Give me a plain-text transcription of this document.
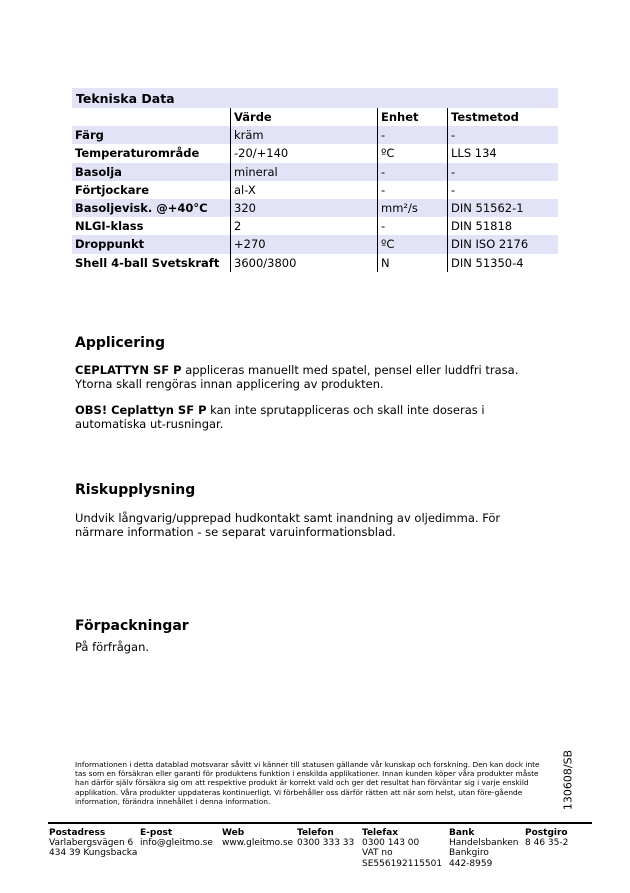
Tekniska Data
	Värde	Enhet	Testmetod
Färg	kräm	-	-
Temperaturområde	-20/+140	ºC	LLS 134
Basolja	mineral	-	-
Förtjockare	al-X	-	-
Basoljevisk. @+40°C	320	mm²/s	DIN 51562-1
NLGI-klass	2	-	DIN 51818
Droppunkt	+270	ºC	DIN ISO 2176
Shell 4-ball Svetskraft	3600/3800	N	DIN 51350-4
Applicering

CEPLATTYN SF P appliceras manuellt med spatel, pensel eller luddfri trasa. Ytorna skall rengöras innan applicering av produkten.

OBS! Ceplattyn SF P kan inte sprutappliceras och skall inte doseras i automatiska ut-rusningar.

Riskupplysning

Undvik långvarig/upprepad hudkontakt samt inandning av oljedimma. För närmare information - se separat varuinformationsblad.

Förpackningar

På förfrågan.

Informationen i detta datablad motsvarar såvitt vi känner till statusen gällande vår kunskap och forskning. Den kan dock inte tas som en försäkran eller garanti för produktens funktion i enskilda applikationer. Innan kunden köper våra produkter måste han därför själv försäkra sig om att respektive produkt är korrekt vald och ger det resultat han förväntar sig i varje enskild applikation. Våra produkter uppdateras kontinuerligt. Vi förbehåller oss därför rätten att när som helst, utan före-gående information, förändra innehållet i denna information.	130608/SB
Postadress
Varlabergsvägen 6
434 39 Kungsbacka
E-post
info@gleitmo.se
Web
www.gleitmo.se
Telefon
0300 333 33
Telefax
0300 143 00
VAT no
SE556192115501
Bank
Handelsbanken
Bankgiro
442-8959
Postgiro
8 46 35-2
